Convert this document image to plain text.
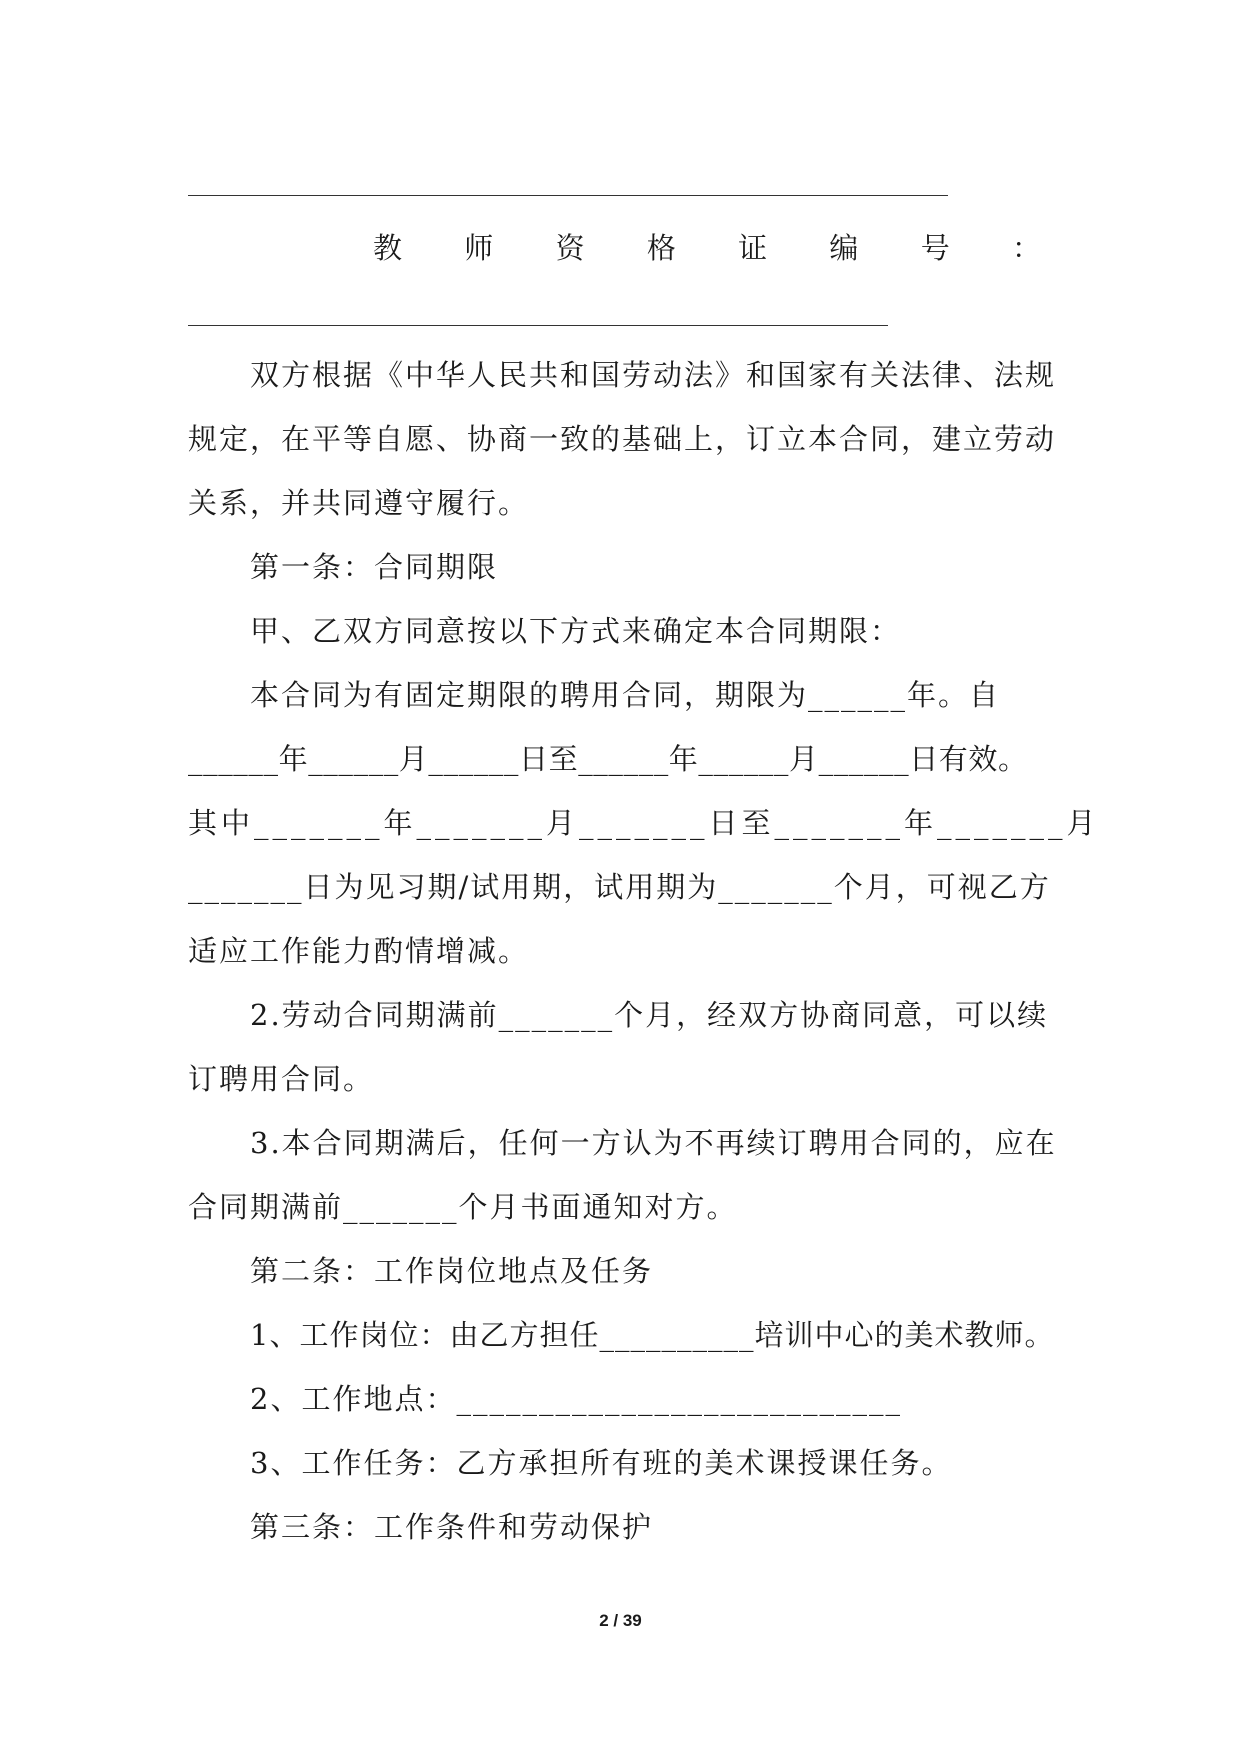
教 师 资 格 证 编 号 ：
双方根据《中华人民共和国劳动法》和国家有关法律、法规
规定，在平等自愿、协商一致的基础上，订立本合同，建立劳动
关系，并共同遵守履行。
第一条：合同期限
甲、乙双方同意按以下方式来确定本合同期限：
本合同为有固定期限的聘用合同，期限为______年。自
______年______月______日至______年______月______日有效。
其中_______年_______月_______日至_______年_______月
_______日为见习期/试用期，试用期为_______个月，可视乙方
适应工作能力酌情增减。
2.劳动合同期满前_______个月，经双方协商同意，可以续
订聘用合同。
3.本合同期满后，任何一方认为不再续订聘用合同的，应在
合同期满前_______个月书面通知对方。
第二条：工作岗位地点及任务
1、工作岗位：由乙方担任__________培训中心的美术教师。
2、工作地点：___________________________
3、工作任务：乙方承担所有班的美术课授课任务。
第三条：工作条件和劳动保护
2 / 39
